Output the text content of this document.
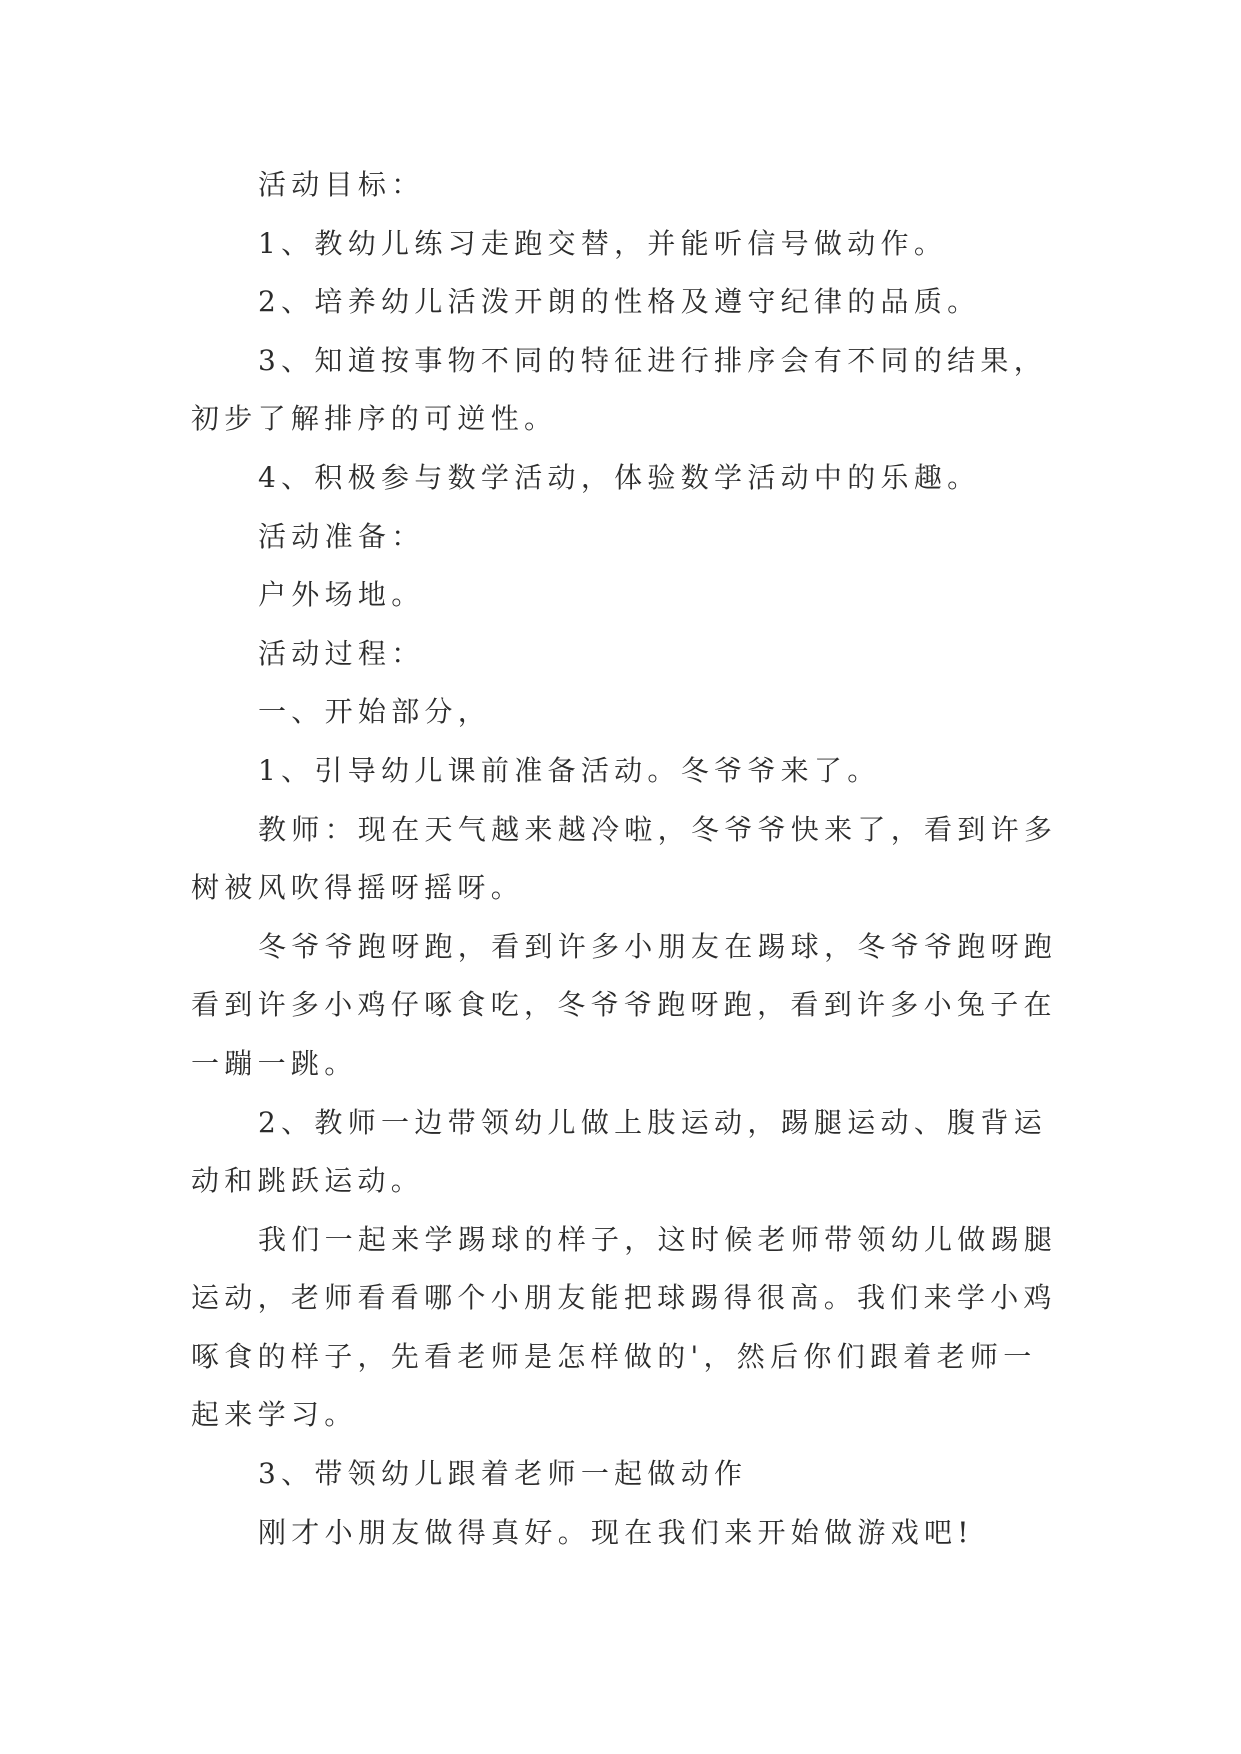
活动目标：
1、教幼儿练习走跑交替，并能听信号做动作。
2、培养幼儿活泼开朗的性格及遵守纪律的品质。
3、知道按事物不同的特征进行排序会有不同的结果，
初步了解排序的可逆性。
4、积极参与数学活动，体验数学活动中的乐趣。
活动准备：
户外场地。
活动过程：
一、开始部分，
1、引导幼儿课前准备活动。冬爷爷来了。
教师：现在天气越来越冷啦，冬爷爷快来了，看到许多
树被风吹得摇呀摇呀。
冬爷爷跑呀跑，看到许多小朋友在踢球，冬爷爷跑呀跑
看到许多小鸡仔啄食吃，冬爷爷跑呀跑，看到许多小兔子在
一蹦一跳。
2、教师一边带领幼儿做上肢运动，踢腿运动、腹背运
动和跳跃运动。
我们一起来学踢球的样子，这时候老师带领幼儿做踢腿
运动，老师看看哪个小朋友能把球踢得很高。我们来学小鸡
啄食的样子，先看老师是怎样做的'，然后你们跟着老师一
起来学习。
3、带领幼儿跟着老师一起做动作
刚才小朋友做得真好。现在我们来开始做游戏吧!
